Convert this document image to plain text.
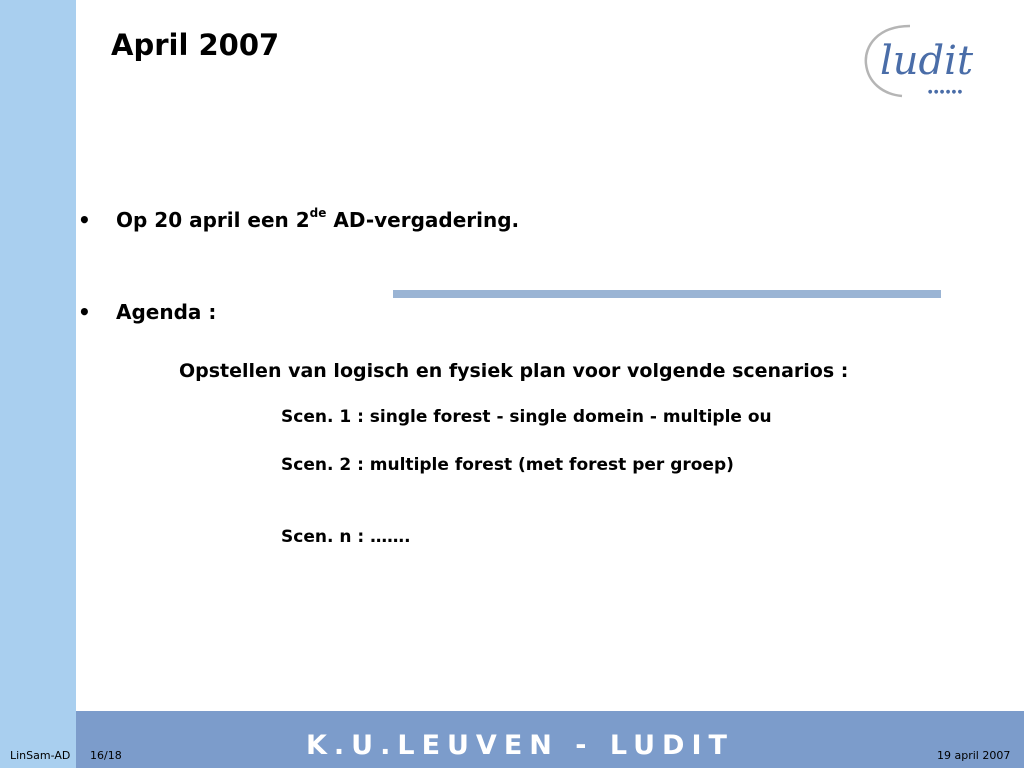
April 2007	ludit
● ● ● ● ● ●
• Op 20 april een 2de AD-vergadering.
• Agenda :
Opstellen van logisch en fysiek plan voor volgende scenarios :
Scen. 1 : single forest - single domein - multiple ou
Scen. 2 : multiple forest (met forest per groep)
Scen. n : …….
K.U.LEUVEN - LUDIT
LinSam-AD 16/18	19 april 2007
